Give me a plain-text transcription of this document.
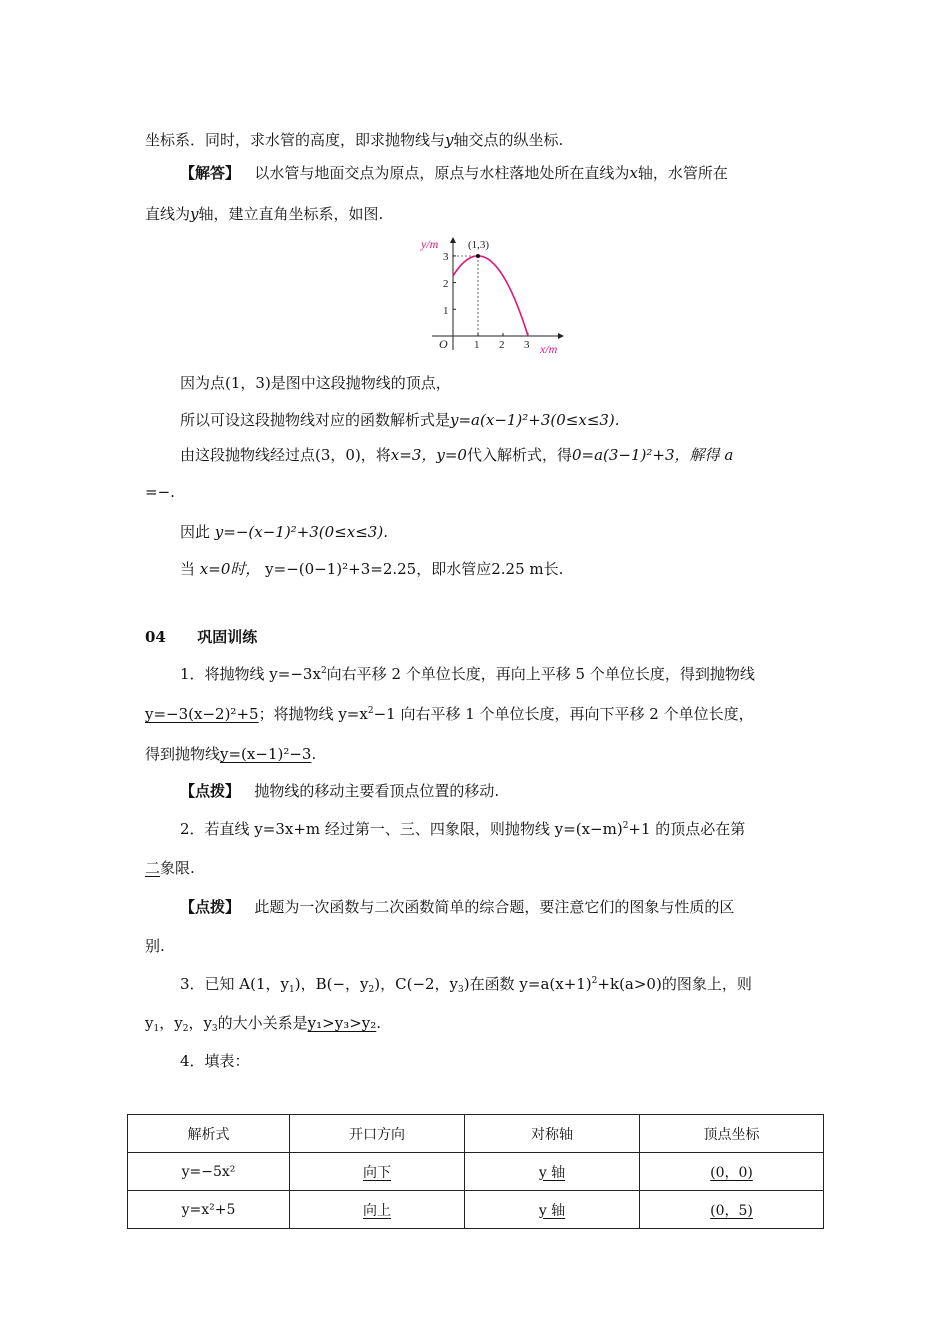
坐标系．同时，求水管的高度，即求抛物线与y轴交点的纵坐标.
【解答】 以水管与地面交点为原点，原点与水柱落地处所在直线为x轴，水管所在
直线为y轴，建立直角坐标系，如图.
y/m
x/m
O
(1,3)
1 2 3
1
2
3
因为点(1，3)是图中这段抛物线的顶点，
所以可设这段抛物线对应的函数解析式是y=a(x−1)²+3(0≤x≤3).
由这段抛物线经过点(3，0)，将x=3，y=0代入解析式，得0=a(3−1)²+3，解得 a
=−.
因此 y=−(x−1)²+3(0≤x≤3).
当 x=0时， y=−(0−1)²+3=2.25，即水管应2.25 m长.
04 巩固训练
1．将抛物线 $y=-3x^2$向右平移 2 个单位长度，再向上平移 5 个单位长度，得到抛物线
y=−3(x−2)²+5；将抛物线 $y=x^2-1$ 向右平移 1 个单位长度，再向下平移 2 个单位长度，
得到抛物线y=(x−1)²−3.
【点拨】 抛物线的移动主要看顶点位置的移动.
2．若直线 y=3x+m 经过第一、三、四象限，则抛物线 $y=(x-m)^2+1$ 的顶点必在第
二象限.
【点拨】 此题为一次函数与二次函数简单的综合题，要注意它们的图象与性质的区
别.
3．已知 A(1，$y_1$)，B(−，$y_2$)，C(−2，$y_3$)在函数 $y=a(x+1)^2+k(a>0)$的图象上，则
$y_1$，$y_2$，$y_3$的大小关系是y₁>y₃>y₂.
4．填表：
解析式	开口方向	对称轴	顶点坐标
y=−5x²	向下	y 轴	(0，0)
y=x²+5	向上	y 轴	(0，5)
